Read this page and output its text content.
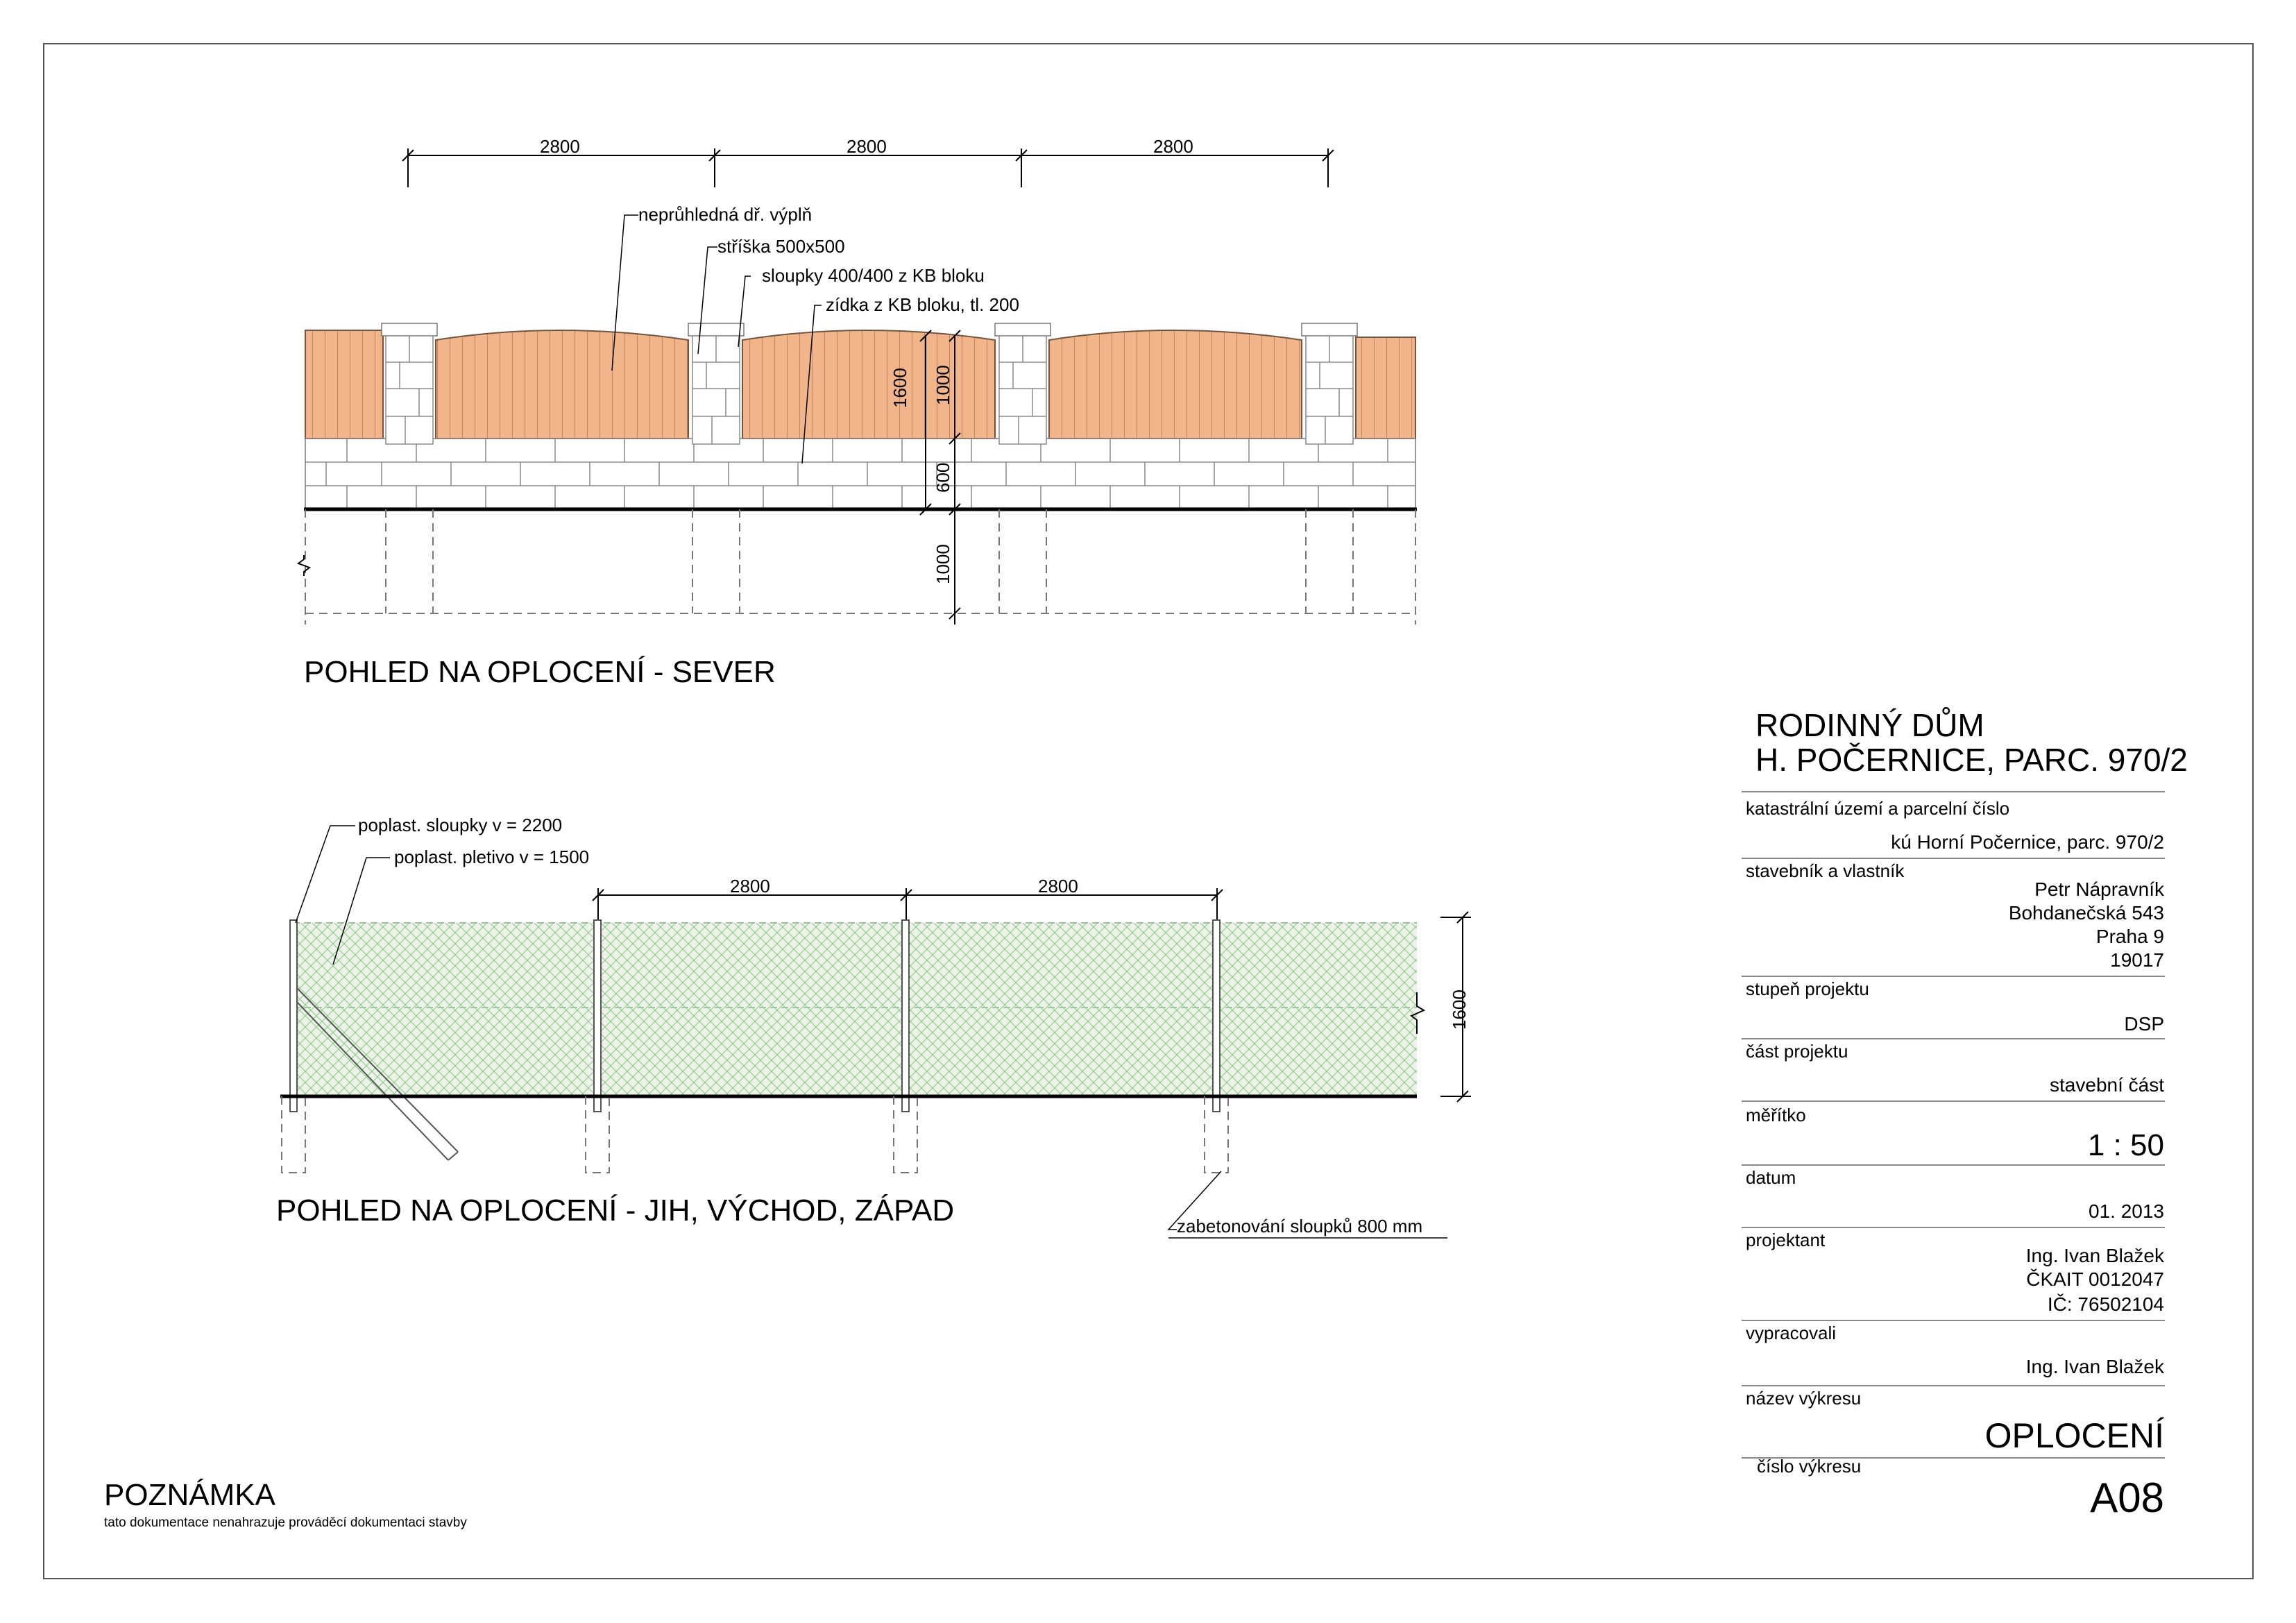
2800	2800	2800
neprůhledná dř. výplň
stříška 500x500
sloupky 400/400 z KB bloku
zídka z KB bloku, tl. 200
1600 1000
600
1000
POHLED NA OPLOCENÍ - SEVER
poplast. sloupky v = 2200
poplast. pletivo v = 1500
2800	2800
1600
zabetonování sloupků 800 mm
POHLED NA OPLOCENÍ - JIH, VÝCHOD, ZÁPAD
POZNÁMKA
tato dokumentace nenahrazuje prováděcí dokumentaci stavby
RODINNÝ DŮM
H. POČERNICE, PARC. 970/2
katastrální území a parcelní číslo
kú Horní Počernice, parc. 970/2
stavebník a vlastník
Petr Nápravník
Bohdanečská 543
Praha 9
19017
stupeň projektu
DSP
část projektu
stavební část
měřítko
1 : 50
datum
01. 2013
projektant
Ing. Ivan Blažek
ČKAIT 0012047
IČ: 76502104
vypracovali
Ing. Ivan Blažek
název výkresu
OPLOCENÍ
číslo výkresu
A08
